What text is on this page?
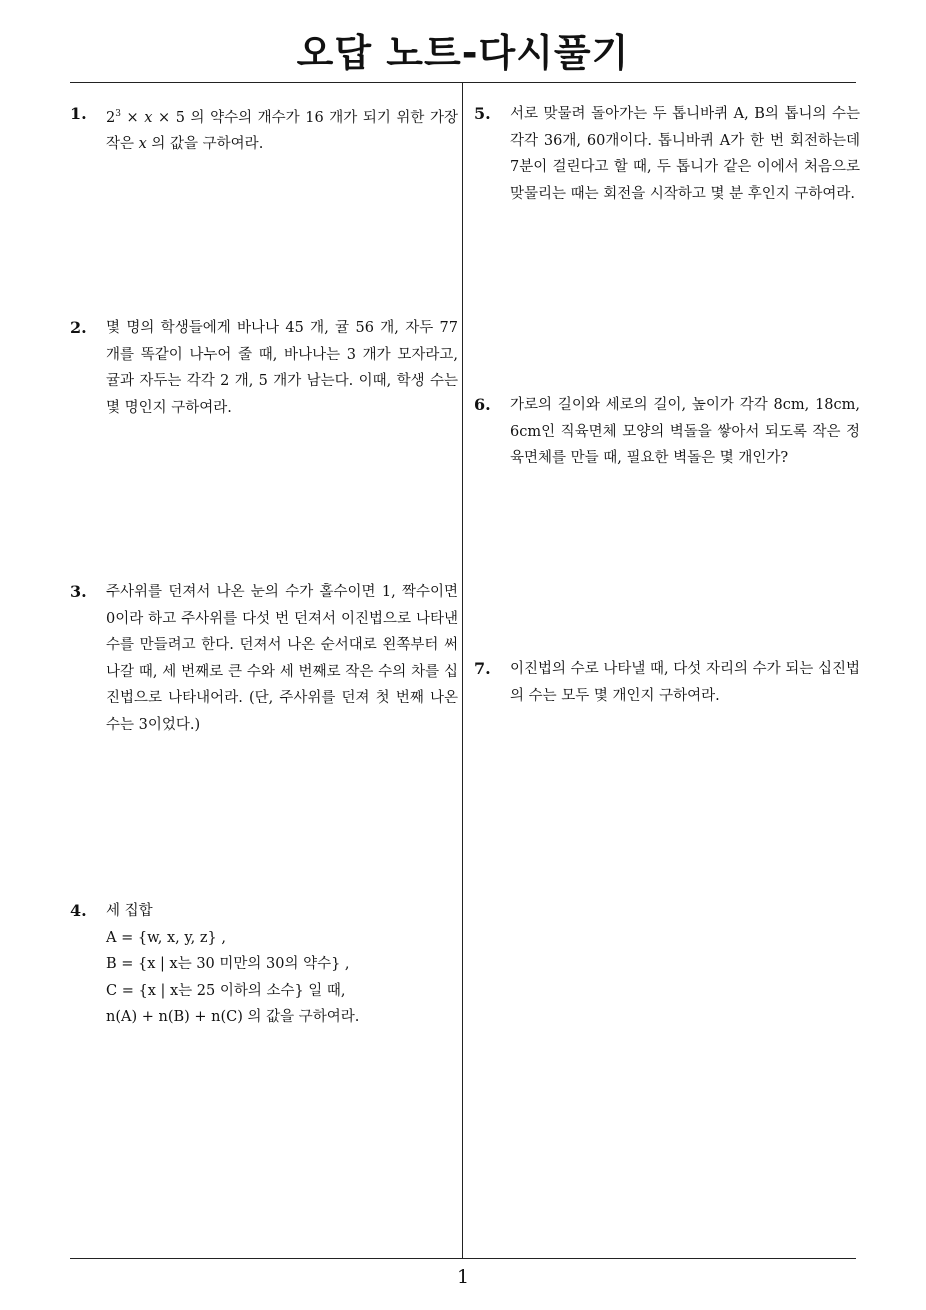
오답 노트-다시풀기
1
1. $2^3 \times x \times 5$ 의 약수의 개수가 16 개가 되기 위한 가장 작은 x 의 값을 구하여라.
2. 몇 명의 학생들에게 바나나 45 개, 귤 56 개, 자두 77 개를 똑같이 나누어 줄 때, 바나나는 3 개가 모자라고, 귤과 자두는 각각 2 개, 5 개가 남는다. 이때, 학생 수는 몇 명인지 구하여라.
3. 주사위를 던져서 나온 눈의 수가 홀수이면 1, 짝수이면 0이라 하고 주사위를 다섯 번 던져서 이진법으로 나타낸 수를 만들려고 한다. 던져서 나온 순서대로 왼쪽부터 써 나갈 때, 세 번째로 큰 수와 세 번째로 작은 수의 차를 십진법으로 나타내어라. (단, 주사위를 던져 첫 번째 나온 수는 3이었다.)
4. 세 집합
A = {w, x, y, z} ,
B = {x | x는 30 미만의 30의 약수} ,
C = {x | x는 25 이하의 소수} 일 때,
n(A) + n(B) + n(C) 의 값을 구하여라.
5. 서로 맞물려 돌아가는 두 톱니바퀴 A, B의 톱니의 수는 각각 36개, 60개이다. 톱니바퀴 A가 한 번 회전하는데 7분이 걸린다고 할 때, 두 톱니가 같은 이에서 처음으로 맞물리는 때는 회전을 시작하고 몇 분 후인지 구하여라.
6. 가로의 길이와 세로의 길이, 높이가 각각 8cm, 18cm, 6cm인 직육면체 모양의 벽돌을 쌓아서 되도록 작은 정육면체를 만들 때, 필요한 벽돌은 몇 개인가?
7. 이진법의 수로 나타낼 때, 다섯 자리의 수가 되는 십진법의 수는 모두 몇 개인지 구하여라.
